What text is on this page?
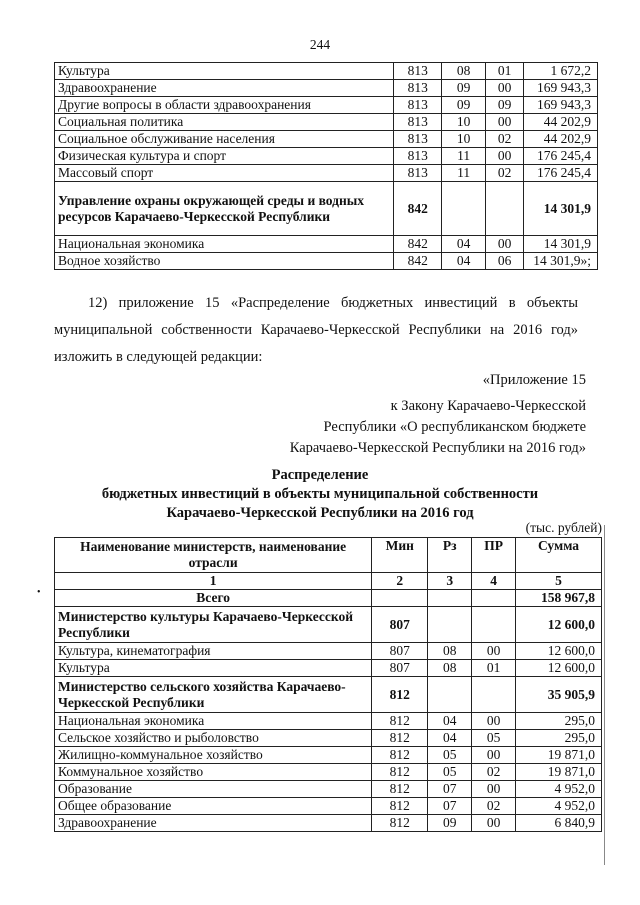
244
Культура	813	08	01	1 672,2
Здравоохранение	813	09	00	169 943,3
Другие вопросы в области здравоохранения	813	09	09	169 943,3
Социальная политика	813	10	00	44 202,9
Социальное обслуживание населения	813	10	02	44 202,9
Физическая культура и спорт	813	11	00	176 245,4
Массовый спорт	813	11	02	176 245,4
Управление охраны окружающей среды и водных ресурсов Карачаево-Черкесской Республики	842			14 301,9
Национальная экономика	842	04	00	14 301,9
Водное хозяйство	842	04	06	14 301,9»;
12) приложение 15 «Распределение бюджетных инвестиций в объекты муниципальной собственности Карачаево-Черкесской Республики на 2016 год» изложить в следующей редакции:
«Приложение 15
к Закону Карачаево-Черкесской
Республики «О республиканском бюджете
Карачаево-Черкесской Республики на 2016 год»
Распределение
бюджетных инвестиций в объекты муниципальной собственности
Карачаево-Черкесской Республики на 2016 год
(тыс. рублей)
•
Наименование министерств, наименование отрасли	Мин	Рз	ПР	Сумма
1	2	3	4	5
Всего				158 967,8
Министерство культуры Карачаево-Черкесской Республики	807			12 600,0
Культура, кинематография	807	08	00	12 600,0
Культура	807	08	01	12 600,0
Министерство сельского хозяйства Карачаево-Черкесской Республики	812			35 905,9
Национальная экономика	812	04	00	295,0
Сельское хозяйство и рыболовство	812	04	05	295,0
Жилищно-коммунальное хозяйство	812	05	00	19 871,0
Коммунальное хозяйство	812	05	02	19 871,0
Образование	812	07	00	4 952,0
Общее образование	812	07	02	4 952,0
Здравоохранение	812	09	00	6 840,9
